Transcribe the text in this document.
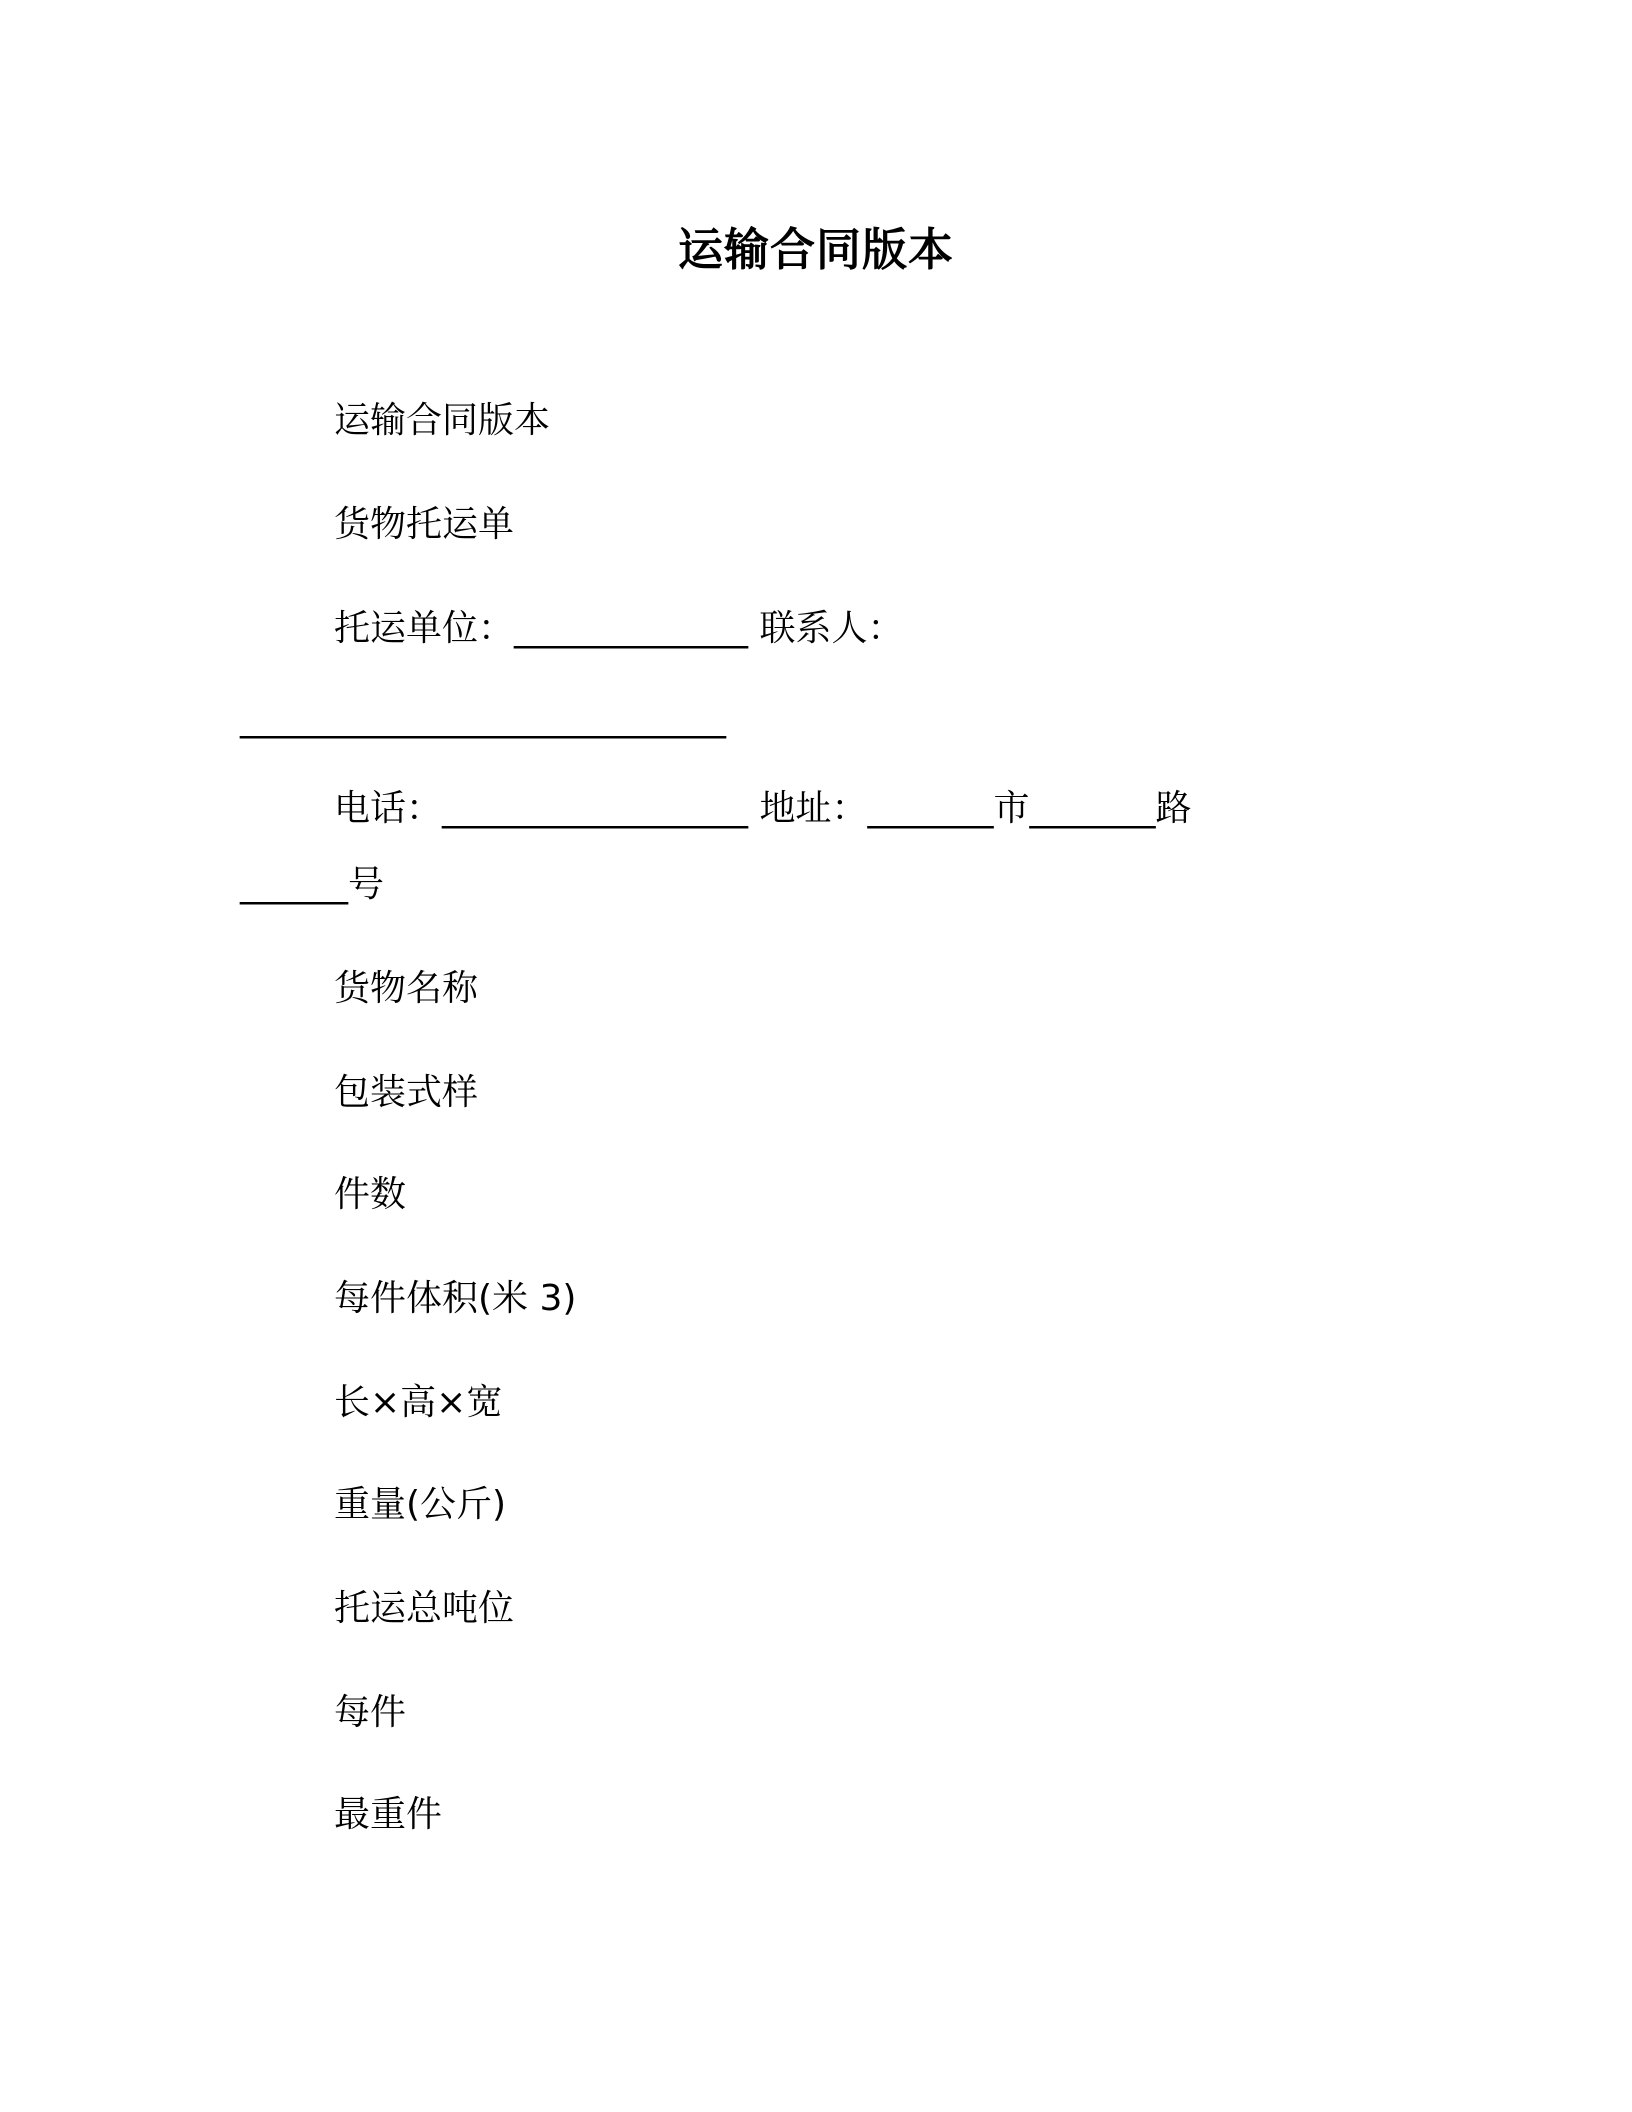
运输合同版本
运输合同版本
货物托运单
托运单位：_____________ 联系人：
___________________________
电话：_________________ 地址：_______市_______路
______号
货物名称
包装式样
件数
每件体积(米 3)
长×高×宽
重量(公斤)
托运总吨位
每件
最重件
